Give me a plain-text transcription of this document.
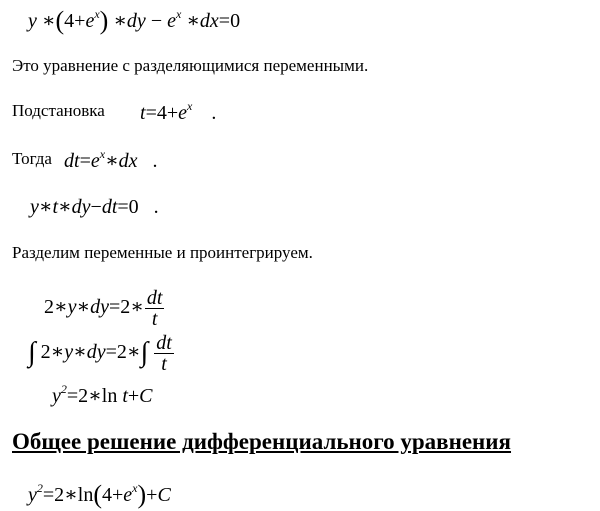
y $∗(4+e^x)$ ∗dy − $e^x$ ∗dx=0
Это уравнение с разделяющимися переменными.
Подстановка $t=4+e^x$ .
Тогда $dt=e^x∗dx$ .
y∗t∗dy−dt=0 .
Разделим переменные и проинтегрируем.
2∗y∗dy=2∗ $\frac{dt}{t}$
∫ 2∗y∗dy=2∗∫ $\frac{dt}{t}$
$y^2=2∗\ln$ t+C
Общее решение дифференциального уравнения
$y^2=2∗\ln(4+e^x)+C$
